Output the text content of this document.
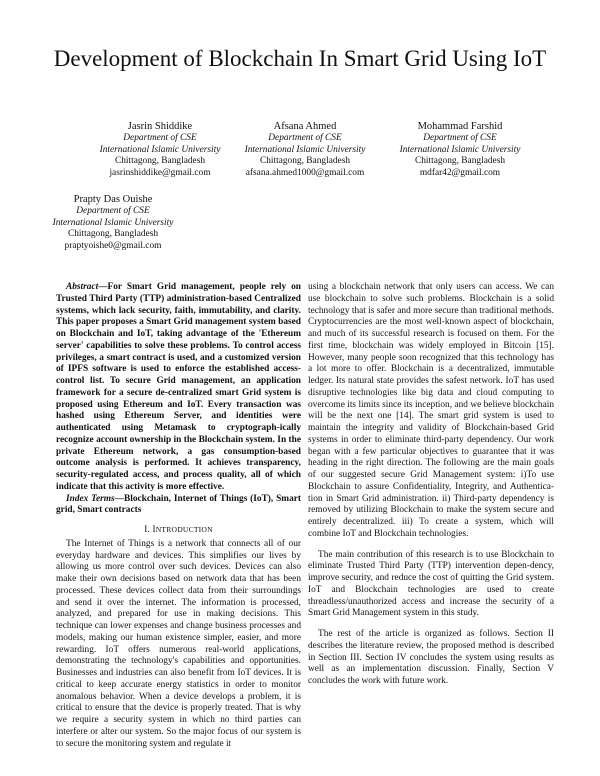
Development of Blockchain In Smart Grid Using IoT
Jasrin Shiddike
Department of CSE
International Islamic University
Chittagong, Bangladesh
jasrinshiddike@gmail.com
Afsana Ahmed
Department of CSE
International Islamic University
Chittagong, Bangladesh
afsana.ahmed1000@gmail.com
Mohammad Farshid
Department of CSE
International Islamic University
Chittagong, Bangladesh
mdfar42@gmail.com
Prapty Das Ouishe
Department of CSE
International Islamic University
Chittagong, Bangladesh
praptyoishe0@gmail.com

Abstract—For Smart Grid management, people rely on Trusted Third Party (TTP) administration-based Centralized systems, which lack security, faith, immutability, and clarity. This paper proposes a Smart Grid management system based on Blockchain and IoT, taking advantage of the 'Ethereum server' capabilities to solve these problems. To control access privileges, a smart contract is used, and a customized version of IPFS software is used to enforce the established access-control list. To secure Grid management, an application framework for a secure de-centralized smart Grid system is proposed using Ethereum and IoT. Every transaction was hashed using Ethereum Server, and identities were authenticated using Metamask to cryptograph-ically recognize account ownership in the Blockchain system. In the private Ethereum network, a gas consumption-based outcome analysis is performed. It achieves transparency, security-regulated access, and process quality, all of which indicate that this activity is more effective.

Index Terms—Blockchain, Internet of Things (IoT), Smart grid, Smart contracts

I. INTRODUCTION

The Internet of Things is a network that connects all of our everyday hardware and devices. This simplifies our lives by allowing us more control over such devices. Devices can also make their own decisions based on network data that has been processed. These devices collect data from their surroundings and send it over the internet. The information is processed, analyzed, and prepared for use in making decisions. This technique can lower expenses and change business processes and models, making our human existence simpler, easier, and more rewarding. IoT offers numerous real-world applications, demonstrating the technology's capabilities and opportunities. Businesses and industries can also benefit from IoT devices. It is critical to keep accurate energy statistics in order to monitor anomalous behavior. When a device develops a problem, it is critical to ensure that the device is properly treated. That is why we require a security system in which no third parties can interfere or alter our system. So the major focus of our system is to secure the monitoring system and regulate it

using a blockchain network that only users can access. We can use blockchain to solve such problems. Blockchain is a solid technology that is safer and more secure than traditional methods. Cryptocurrencies are the most well-known aspect of blockchain, and much of its successful research is focused on them. For the first time, blockchain was widely employed in Bitcoin [15]. However, many people soon recognized that this technology has a lot more to offer. Blockchain is a decentralized, immutable ledger. Its natural state provides the safest network. IoT has used disruptive technologies like big data and cloud computing to overcome its limits since its inception, and we believe blockchain will be the next one [14]. The smart grid system is used to maintain the integrity and validity of Blockchain-based Grid systems in order to eliminate third-party dependency. Our work began with a few particular objectives to guarantee that it was heading in the right direction. The following are the main goals of our suggested secure Grid Management system: i)To use Blockchain to assure Confidentiality, Integrity, and Authentica-tion in Smart Grid administration. ii) Third-party dependency is removed by utilizing Blockchain to make the system secure and entirely decentralized. iii) To create a system, which will combine IoT and Blockchain technologies.

The main contribution of this research is to use Blockchain to eliminate Trusted Third Party (TTP) intervention depen-dency, improve security, and reduce the cost of quitting the Grid system. IoT and Blockchain technologies are used to create threadless/unauthorized access and increase the security of a Smart Grid Management system in this study.

The rest of the article is organized as follows. Section II describes the literature review, the proposed method is described in Section III. Section IV concludes the system using results as well as an implementation discussion. Finally, Section V concludes the work with future work.
